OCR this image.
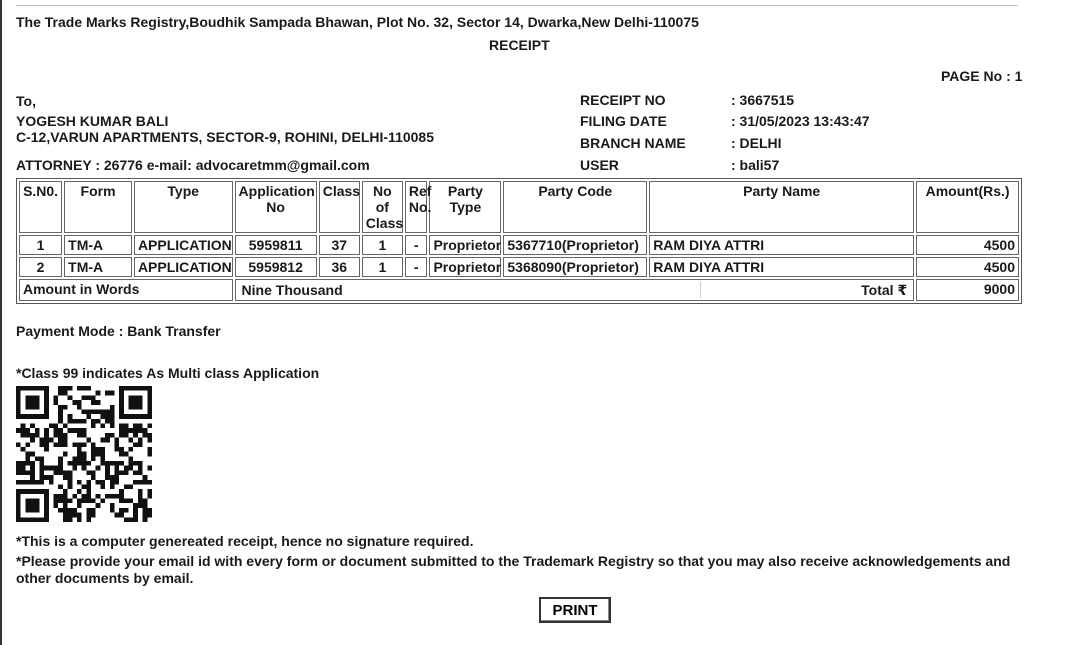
The Trade Marks Registry,Boudhik Sampada Bhawan, Plot No. 32, Sector 14, Dwarka,New Delhi-110075
RECEIPT
PAGE No : 1
To,
YOGESH KUMAR BALI
C-12,VARUN APARTMENTS, SECTOR-9, ROHINI, DELHI-110085
ATTORNEY : 26776 e-mail: advocaretmm@gmail.com
RECEIPT NO	: 3667515
FILING DATE	: 31/05/2023 13:43:47
BRANCH NAME	: DELHI
USER	: bali57
S.N0.	Form	Type	Application No	Class	No of Class	Ref No.	Party Type	Party Code	Party Name	Amount(Rs.)
1	TM-A	APPLICATION	5959811	37	1	-	Proprietor	5367710(Proprietor)	RAM DIYA ATTRI	4500
2	TM-A	APPLICATION	5959812	36	1	-	Proprietor	5368090(Proprietor)	RAM DIYA ATTRI	4500
Amount in Words			Nine Thousand Total ₹							9000
Payment Mode : Bank Transfer
*Class 99 indicates As Multi class Application
*This is a computer genereated receipt, hence no signature required.
*Please provide your email id with every form or document submitted to the Trademark Registry so that you may also receive acknowledgements and
other documents by email.
PRINT
